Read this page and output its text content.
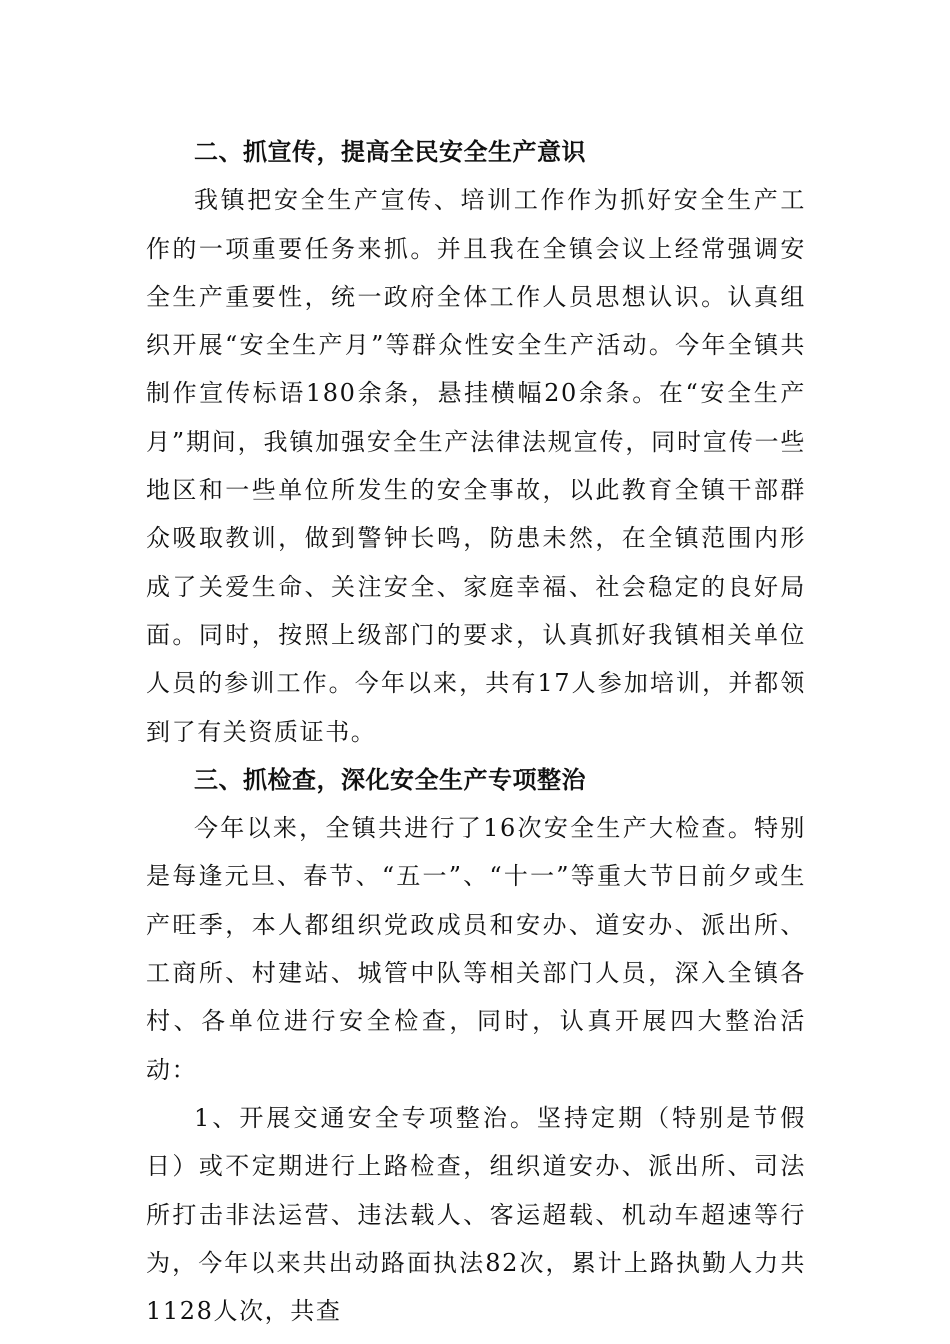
二、抓宣传，提高全民安全生产意识

我镇把安全生产宣传、培训工作作为抓好安全生产工作的一项重要任务来抓。并且我在全镇会议上经常强调安全生产重要性，统一政府全体工作人员思想认识。认真组织开展“安全生产月”等群众性安全生产活动。今年全镇共制作宣传标语180余条，悬挂横幅20余条。在“安全生产月”期间，我镇加强安全生产法律法规宣传，同时宣传一些地区和一些单位所发生的安全事故，以此教育全镇干部群众吸取教训，做到警钟长鸣，防患未然，在全镇范围内形成了关爱生命、关注安全、家庭幸福、社会稳定的良好局面。同时，按照上级部门的要求，认真抓好我镇相关单位人员的参训工作。今年以来，共有17人参加培训，并都领到了有关资质证书。

三、抓检查，深化安全生产专项整治

今年以来，全镇共进行了16次安全生产大检查。特别是每逢元旦、春节、“五一”、“十一”等重大节日前夕或生产旺季，本人都组织党政成员和安办、道安办、派出所、工商所、村建站、城管中队等相关部门人员，深入全镇各村、各单位进行安全检查，同时，认真开展四大整治活动：

1、开展交通安全专项整治。坚持定期（特别是节假日）或不定期进行上路检查，组织道安办、派出所、司法所打击非法运营、违法载人、客运超载、机动车超速等行为，今年以来共出动路面执法82次，累计上路执勤人力共1128人次，共查
